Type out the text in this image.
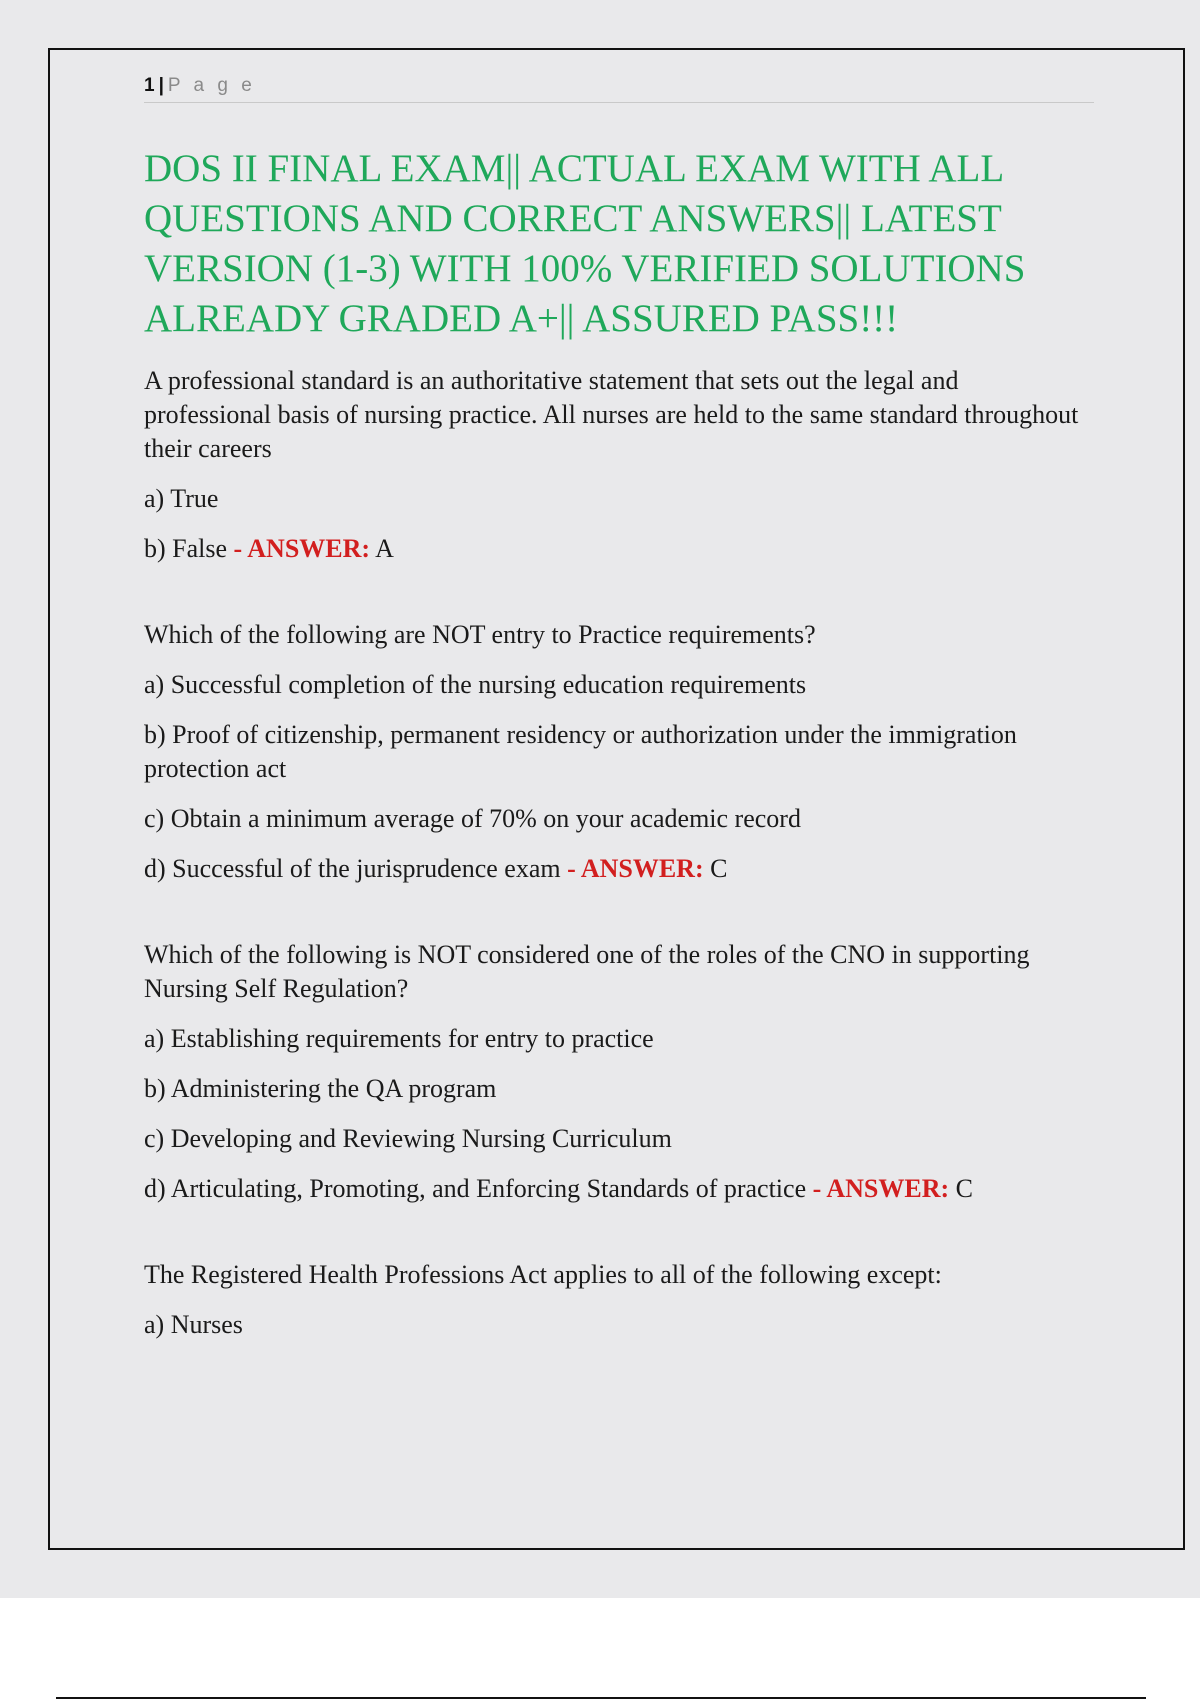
1 | P a g e
DOS II FINAL EXAM|| ACTUAL EXAM WITH ALL QUESTIONS AND CORRECT ANSWERS|| LATEST VERSION (1-3) WITH 100% VERIFIED SOLUTIONS ALREADY GRADED A+|| ASSURED PASS!!!

A professional standard is an authoritative statement that sets out the legal and professional basis of nursing practice. All nurses are held to the same standard throughout their careers

a) True

b) False - ANSWER: A

Which of the following are NOT entry to Practice requirements?

a) Successful completion of the nursing education requirements

b) Proof of citizenship, permanent residency or authorization under the immigration protection act

c) Obtain a minimum average of 70% on your academic record

d) Successful of the jurisprudence exam - ANSWER: C

Which of the following is NOT considered one of the roles of the CNO in supporting Nursing Self Regulation?

a) Establishing requirements for entry to practice

b) Administering the QA program

c) Developing and Reviewing Nursing Curriculum

d) Articulating, Promoting, and Enforcing Standards of practice - ANSWER: C

The Registered Health Professions Act applies to all of the following except:

a) Nurses
